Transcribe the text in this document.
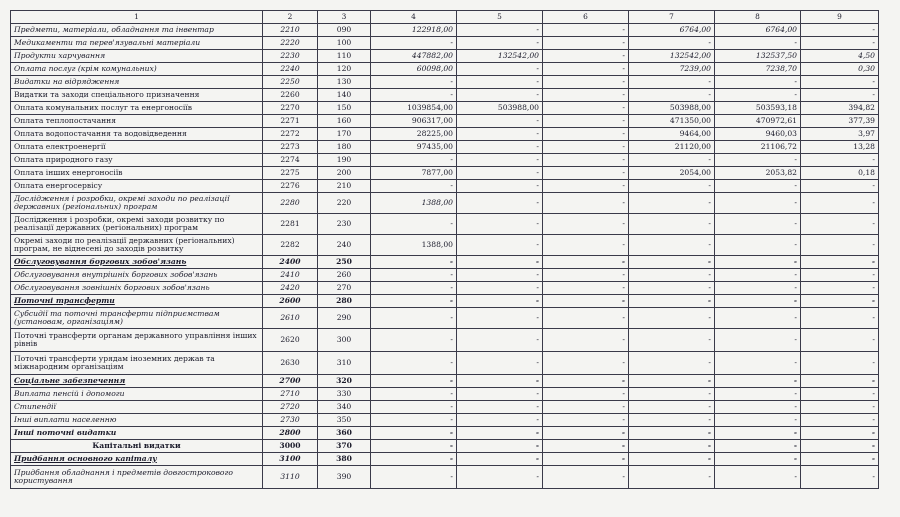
1	2	3	4	5	6	7	8	9
Предмети, матеріали, обладнання та інвентар	2210	090	122918,00	-	-	6764,00	6764,00	-
Медикаменти та перев'язувальні матеріали	2220	100	-	-	-	-	-	-
Продукти харчування	2230	110	447882,00	132542,00	-	132542,00	132537,50	4,50
Оплата послуг (крім комунальних)	2240	120	60098,00	-	-	7239,00	7238,70	0,30
Видатки на відрядження	2250	130	-	-	-	-	-	-
Видатки та заходи спеціального призначення	2260	140	-	-	-	-	-	-
Оплата комунальних послуг та енергоносіїв	2270	150	1039854,00	503988,00	-	503988,00	503593,18	394,82
Оплата теплопостачання	2271	160	906317,00	-	-	471350,00	470972,61	377,39
Оплата водопостачання та водовідведення	2272	170	28225,00	-	-	9464,00	9460,03	3,97
Оплата електроенергії	2273	180	97435,00	-	-	21120,00	21106,72	13,28
Оплата природного газу	2274	190	-	-	-	-	-	-
Оплата інших енергоносіїв	2275	200	7877,00	-	-	2054,00	2053,82	0,18
Оплата енергосервісу	2276	210	-	-	-	-	-	-
Дослідження і розробки, окремі заходи по реалізації державних (регіональних) програм	2280	220	1388,00	-	-	-	-	-
Дослідження і розробки, окремі заходи розвитку по реалізації державних (регіональних) програм	2281	230	-	-	-	-	-	-
Окремі заходи по реалізації державних (регіональних) програм, не віднесені до заходів розвитку	2282	240	1388,00	-	-	-	-	-
Обслуговування боргових зобов'язань	2400	250	-	-	-	-	-	-
Обслуговування внутрішніх боргових зобов'язань	2410	260	-	-	-	-	-	-
Обслуговування зовнішніх боргових зобов'язань	2420	270	-	-	-	-	-	-
Поточні трансферти	2600	280	-	-	-	-	-	-
Субсидії та поточні трансферти підприємствам (установам, організаціям)	2610	290	-	-	-	-	-	-
Поточні трансферти органам державного управління інших рівнів	2620	300	-	-	-	-	-	-
Поточні трансферти урядам іноземних держав та міжнародним організаціям	2630	310	-	-	-	-	-	-
Соціальне забезпечення	2700	320	-	-	-	-	-	-
Виплата пенсій і допомоги	2710	330	-	-	-	-	-	-
Стипендії	2720	340	-	-	-	-	-	-
Інші виплати населенню	2730	350	-	-	-	-	-	-
Інші поточні видатки	2800	360	-	-	-	-	-	-
Капітальні видатки	3000	370	-	-	-	-	-	-
Придбання основного капіталу	3100	380	-	-	-	-	-	-
Придбання обладнання і предметів довгострокового користування	3110	390	-	-	-	-	-	-
